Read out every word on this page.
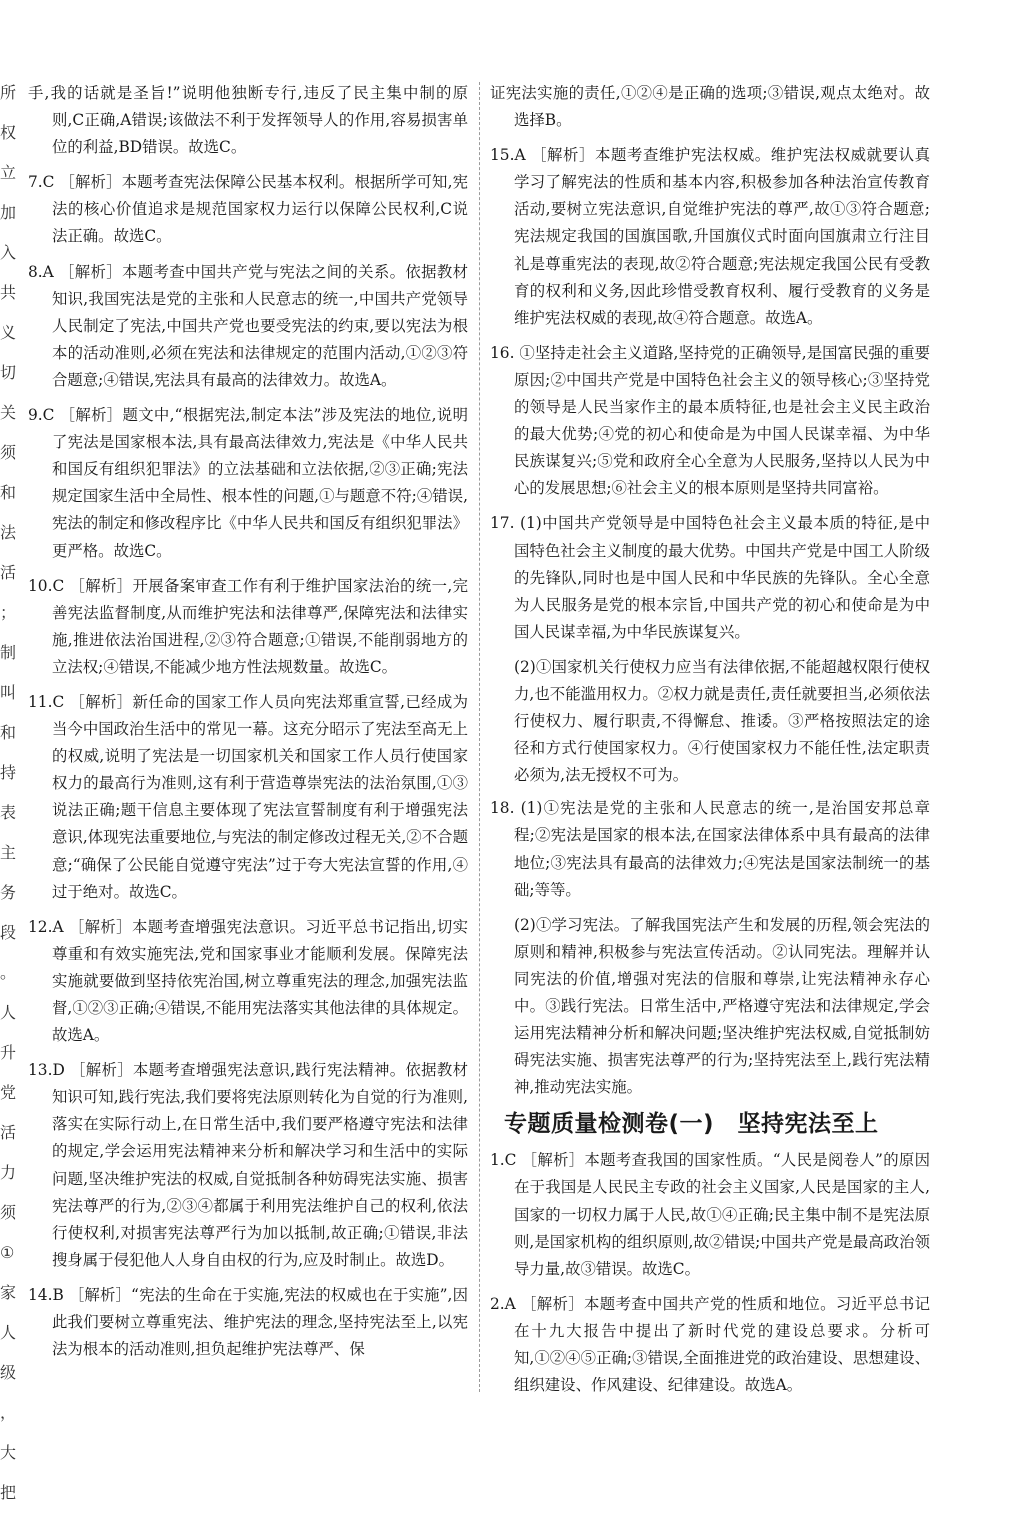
所
权
立
加
入
共
义
切
关
须
和
法
活
；
制
叫
和
持
表
主
务
段
。
人
升
党
活
力
须
①
家
人
级
，
大
把

手,我的话就是圣旨!”说明他独断专行,违反了民主集中制的原则,C正确,A错误;该做法不利于发挥领导人的作用,容易损害单位的利益,BD错误。故选C。

7.C ［解析］本题考查宪法保障公民基本权利。根据所学可知,宪法的核心价值追求是规范国家权力运行以保障公民权利,C说法正确。故选C。

8.A ［解析］本题考查中国共产党与宪法之间的关系。依据教材知识,我国宪法是党的主张和人民意志的统一,中国共产党领导人民制定了宪法,中国共产党也要受宪法的约束,要以宪法为根本的活动准则,必须在宪法和法律规定的范围内活动,①②③符合题意;④错误,宪法具有最高的法律效力。故选A。

9.C ［解析］题文中,“根据宪法,制定本法”涉及宪法的地位,说明了宪法是国家根本法,具有最高法律效力,宪法是《中华人民共和国反有组织犯罪法》的立法基础和立法依据,②③正确;宪法规定国家生活中全局性、根本性的问题,①与题意不符;④错误,宪法的制定和修改程序比《中华人民共和国反有组织犯罪法》更严格。故选C。

10.C ［解析］开展备案审查工作有利于维护国家法治的统一,完善宪法监督制度,从而维护宪法和法律尊严,保障宪法和法律实施,推进依法治国进程,②③符合题意;①错误,不能削弱地方的立法权;④错误,不能减少地方性法规数量。故选C。

11.C ［解析］新任命的国家工作人员向宪法郑重宣誓,已经成为当今中国政治生活中的常见一幕。这充分昭示了宪法至高无上的权威,说明了宪法是一切国家机关和国家工作人员行使国家权力的最高行为准则,这有利于营造尊崇宪法的法治氛围,①③说法正确;题干信息主要体现了宪法宣誓制度有利于增强宪法意识,体现宪法重要地位,与宪法的制定修改过程无关,②不合题意;“确保了公民能自觉遵守宪法”过于夸大宪法宣誓的作用,④过于绝对。故选C。

12.A ［解析］本题考查增强宪法意识。习近平总书记指出,切实尊重和有效实施宪法,党和国家事业才能顺利发展。保障宪法实施就要做到坚持依宪治国,树立尊重宪法的理念,加强宪法监督,①②③正确;④错误,不能用宪法落实其他法律的具体规定。故选A。

13.D ［解析］本题考查增强宪法意识,践行宪法精神。依据教材知识可知,践行宪法,我们要将宪法原则转化为自觉的行为准则,落实在实际行动上,在日常生活中,我们要严格遵守宪法和法律的规定,学会运用宪法精神来分析和解决学习和生活中的实际问题,坚决维护宪法的权威,自觉抵制各种妨碍宪法实施、损害宪法尊严的行为,②③④都属于利用宪法维护自己的权利,依法行使权利,对损害宪法尊严行为加以抵制,故正确;①错误,非法搜身属于侵犯他人人身自由权的行为,应及时制止。故选D。

14.B ［解析］“宪法的生命在于实施,宪法的权威也在于实施”,因此我们要树立尊重宪法、维护宪法的理念,坚持宪法至上,以宪法为根本的活动准则,担负起维护宪法尊严、保

证宪法实施的责任,①②④是正确的选项;③错误,观点太绝对。故选择B。

15.A ［解析］本题考查维护宪法权威。维护宪法权威就要认真学习了解宪法的性质和基本内容,积极参加各种法治宣传教育活动,要树立宪法意识,自觉维护宪法的尊严,故①③符合题意;宪法规定我国的国旗国歌,升国旗仪式时面向国旗肃立行注目礼是尊重宪法的表现,故②符合题意;宪法规定我国公民有受教育的权利和义务,因此珍惜受教育权利、履行受教育的义务是维护宪法权威的表现,故④符合题意。故选A。

16. ①坚持走社会主义道路,坚持党的正确领导,是国富民强的重要原因;②中国共产党是中国特色社会主义的领导核心;③坚持党的领导是人民当家作主的最本质特征,也是社会主义民主政治的最大优势;④党的初心和使命是为中国人民谋幸福、为中华民族谋复兴;⑤党和政府全心全意为人民服务,坚持以人民为中心的发展思想;⑥社会主义的根本原则是坚持共同富裕。

17. (1)中国共产党领导是中国特色社会主义最本质的特征,是中国特色社会主义制度的最大优势。中国共产党是中国工人阶级的先锋队,同时也是中国人民和中华民族的先锋队。全心全意为人民服务是党的根本宗旨,中国共产党的初心和使命是为中国人民谋幸福,为中华民族谋复兴。

(2)①国家机关行使权力应当有法律依据,不能超越权限行使权力,也不能滥用权力。②权力就是责任,责任就要担当,必须依法行使权力、履行职责,不得懈怠、推诿。③严格按照法定的途径和方式行使国家权力。④行使国家权力不能任性,法定职责必须为,法无授权不可为。

18. (1)①宪法是党的主张和人民意志的统一,是治国安邦总章程;②宪法是国家的根本法,在国家法律体系中具有最高的法律地位;③宪法具有最高的法律效力;④宪法是国家法制统一的基础;等等。

(2)①学习宪法。了解我国宪法产生和发展的历程,领会宪法的原则和精神,积极参与宪法宣传活动。②认同宪法。理解并认同宪法的价值,增强对宪法的信服和尊崇,让宪法精神永存心中。③践行宪法。日常生活中,严格遵守宪法和法律规定,学会运用宪法精神分析和解决问题;坚决维护宪法权威,自觉抵制妨碍宪法实施、损害宪法尊严的行为;坚持宪法至上,践行宪法精神,推动宪法实施。

专题质量检测卷(一)　坚持宪法至上

1.C ［解析］本题考查我国的国家性质。“人民是阅卷人”的原因在于我国是人民民主专政的社会主义国家,人民是国家的主人,国家的一切权力属于人民,故①④正确;民主集中制不是宪法原则,是国家机构的组织原则,故②错误;中国共产党是最高政治领导力量,故③错误。故选C。

2.A ［解析］本题考查中国共产党的性质和地位。习近平总书记在十九大报告中提出了新时代党的建设总要求。分析可知,①②④⑤正确;③错误,全面推进党的政治建设、思想建设、组织建设、作风建设、纪律建设。故选A。
